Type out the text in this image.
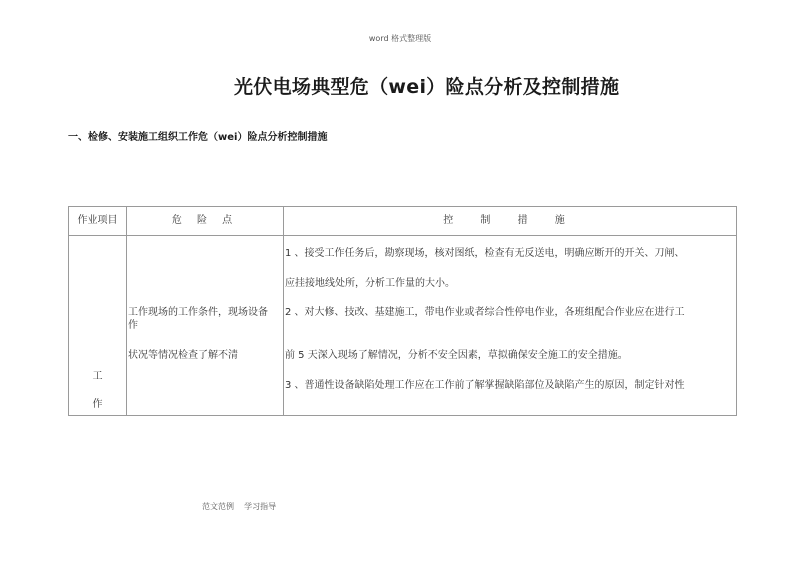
word 格式整理版
光伏电场典型危（wei）险点分析及控制措施
一、检修、安装施工组织工作危（wei）险点分析控制措施
作业项目	危 险 点	控 制 措 施
工
作
工作现场的工作条件，现场设备
作
状况等情况检查了解不清
1 、接受工作任务后，勘察现场，核对图纸，检查有无反送电，明确应断开的开关、刀闸、
应挂接地线处所，分析工作量的大小。
2 、对大修、技改、基建施工，带电作业或者综合性停电作业，各班组配合作业应在进行工
前 5 天深入现场了解情况，分析不安全因素，草拟确保安全施工的安全措施。
3 、普通性设备缺陷处理工作应在工作前了解掌握缺陷部位及缺陷产生的原因，制定针对性
范文范例    学习指导
